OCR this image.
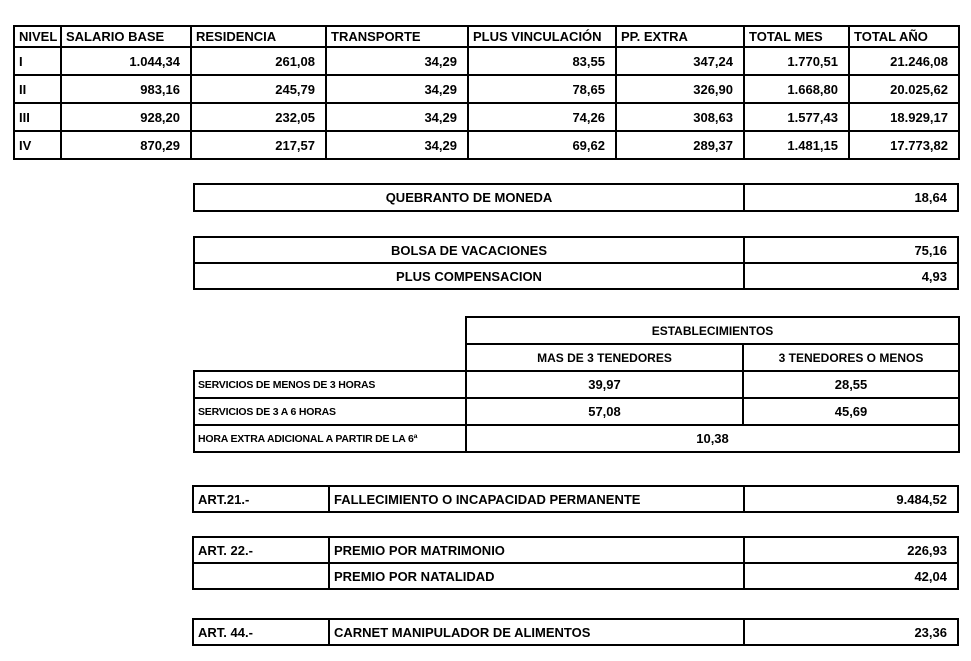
NIVEL	SALARIO BASE	RESIDENCIA	TRANSPORTE	PLUS VINCULACIÓN	PP. EXTRA	TOTAL MES	TOTAL AÑO
I	1.044,34	261,08	34,29	83,55	347,24	1.770,51	21.246,08
II	983,16	245,79	34,29	78,65	326,90	1.668,80	20.025,62
III	928,20	232,05	34,29	74,26	308,63	1.577,43	18.929,17
IV	870,29	217,57	34,29	69,62	289,37	1.481,15	17.773,82
QUEBRANTO DE MONEDA	18,64
BOLSA DE VACACIONES	75,16
PLUS COMPENSACION	4,93
	ESTABLECIMIENTOS	
	MAS DE 3 TENEDORES	3 TENEDORES O MENOS
SERVICIOS DE MENOS DE 3 HORAS	39,97	28,55
SERVICIOS DE 3 A 6 HORAS	57,08	45,69
HORA EXTRA ADICIONAL A PARTIR DE LA 6ª	10,38	
ART.21.-	FALLECIMIENTO O INCAPACIDAD PERMANENTE	9.484,52
ART. 22.-	PREMIO POR MATRIMONIO	226,93
	PREMIO POR NATALIDAD	42,04
ART. 44.-	CARNET MANIPULADOR DE ALIMENTOS	23,36
